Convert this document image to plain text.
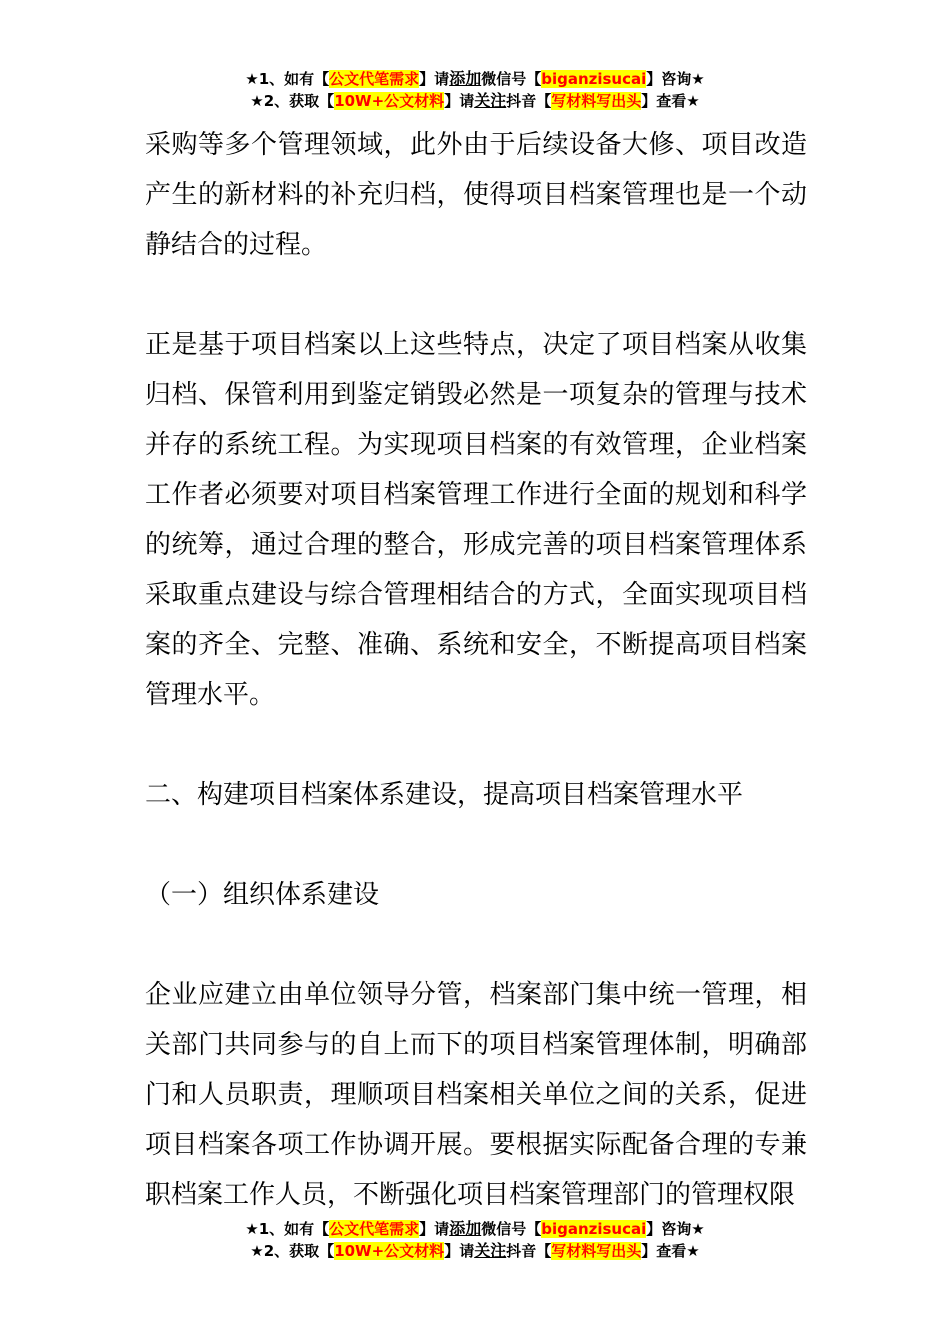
★1、如有【公文代笔需求】请添加微信号【biganzisucai】咨询★
★2、获取【10W+公文材料】请关注抖音【写材料写出头】查看★

采购等多个管理领域，此外由于后续设备大修、项目改造产生的新材料的补充归档，使得项目档案管理也是一个动静结合的过程。

正是基于项目档案以上这些特点，决定了项目档案从收集归档、保管利用到鉴定销毁必然是一项复杂的管理与技术并存的系统工程。为实现项目档案的有效管理，企业档案工作者必须要对项目档案管理工作进行全面的规划和科学的统筹，通过合理的整合，形成完善的项目档案管理体系采取重点建设与综合管理相结合的方式，全面实现项目档案的齐全、完整、准确、系统和安全，不断提高项目档案管理水平。

二、构建项目档案体系建设，提高项目档案管理水平

（一）组织体系建设

企业应建立由单位领导分管，档案部门集中统一管理，相关部门共同参与的自上而下的项目档案管理体制，明确部门和人员职责，理顺项目档案相关单位之间的关系，促进项目档案各项工作协调开展。要根据实际配备合理的专兼职档案工作人员，不断强化项目档案管理部门的管理权限

★1、如有【公文代笔需求】请添加微信号【biganzisucai】咨询★
★2、获取【10W+公文材料】请关注抖音【写材料写出头】查看★
